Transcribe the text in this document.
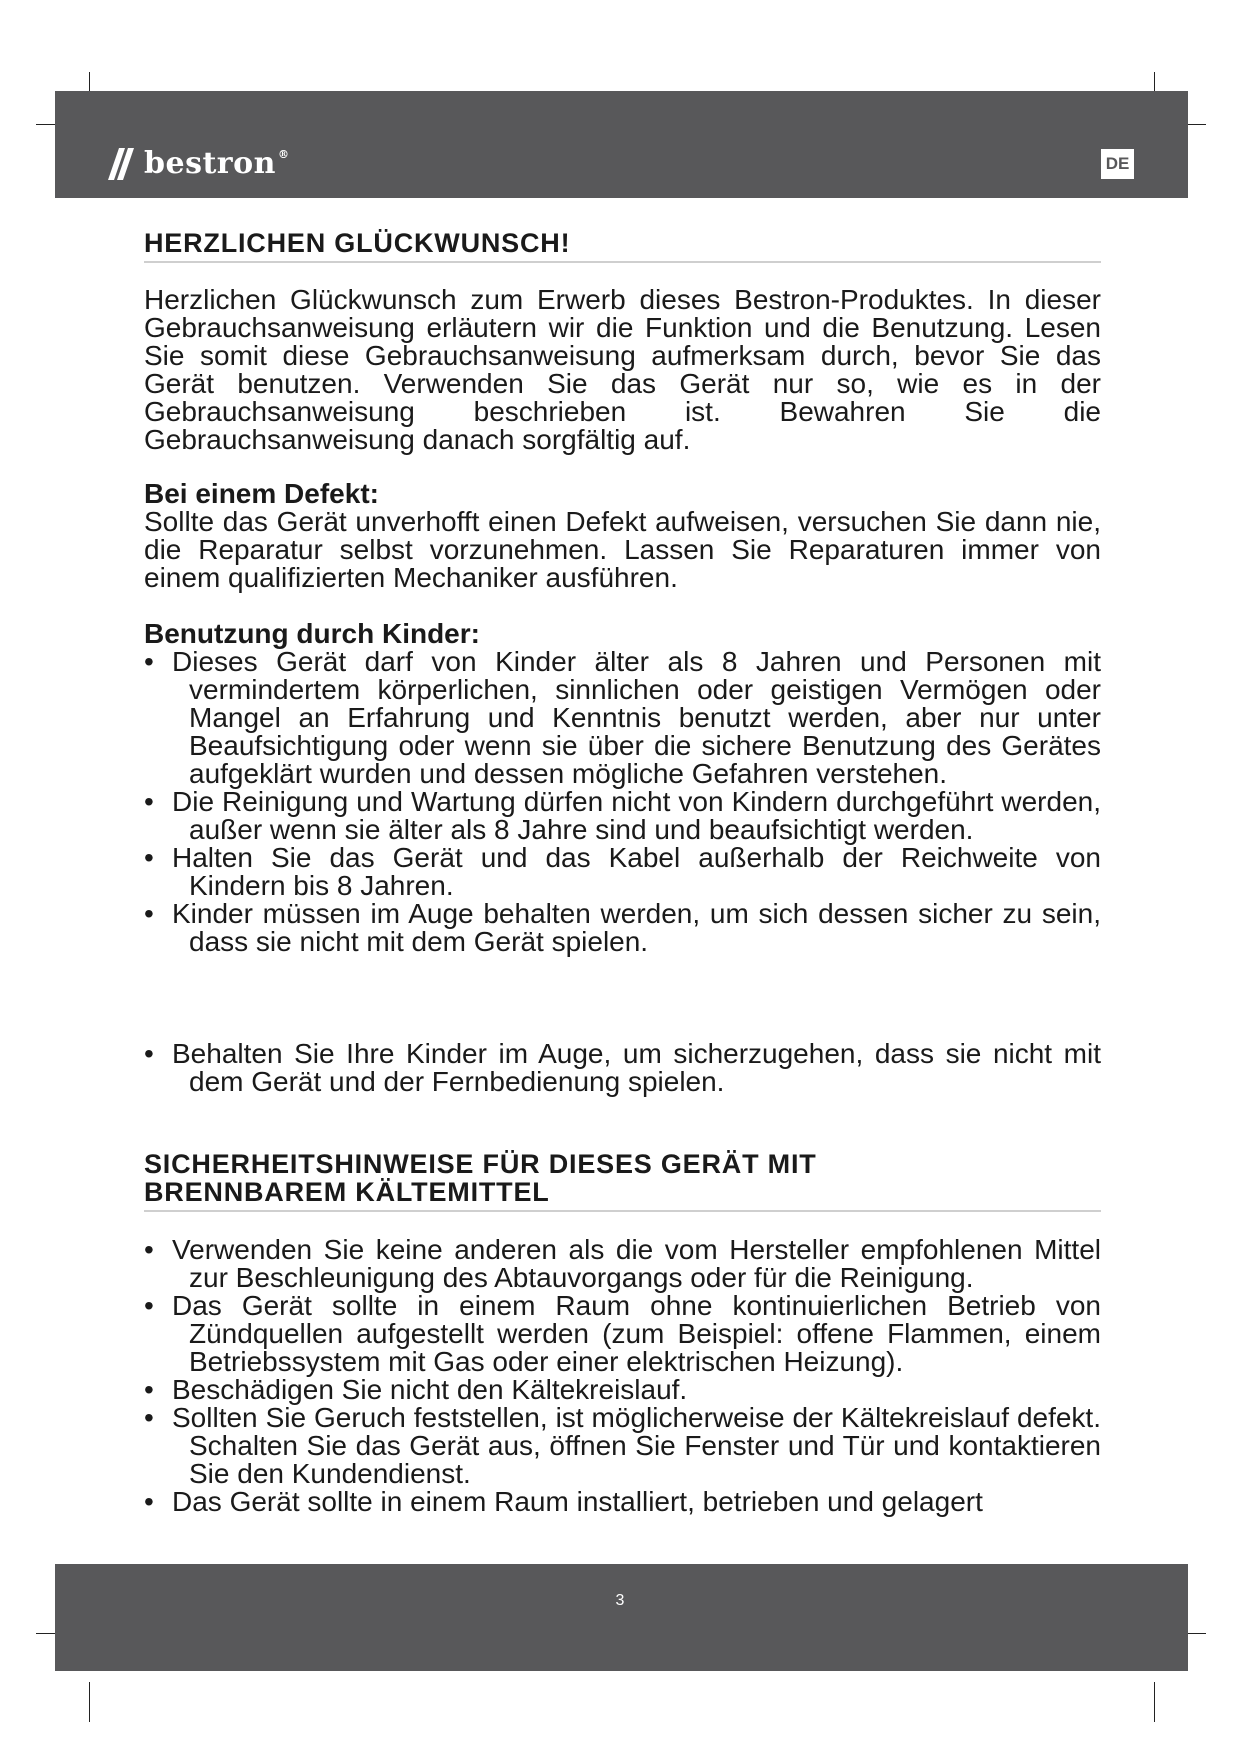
bestron ®	DE
HERZLICHEN GLÜCKWUNSCH!
Herzlichen Glückwunsch zum Erwerb dieses Bestron-Produktes. In dieser Gebrauchsanweisung erläutern wir die Funktion und die Benutzung. Lesen Sie somit diese Gebrauchsanweisung aufmerksam durch, bevor Sie das Gerät benutzen. Verwenden Sie das Gerät nur so, wie es in der Gebrauchsanweisung beschrieben ist. Bewahren Sie die Gebrauchsanweisung danach sorgfältig auf.
Bei einem Defekt:
Sollte das Gerät unverhofft einen Defekt aufweisen, versuchen Sie dann nie, die Reparatur selbst vorzunehmen. Lassen Sie Reparaturen immer von einem qualifizierten Mechaniker ausführen.
Benutzung durch Kinder:
•Dieses Gerät darf von Kinder älter als 8 Jahren und Personen mit vermindertem körperlichen, sinnlichen oder geistigen Vermögen oder Mangel an Erfahrung und Kenntnis benutzt werden, aber nur unter Beaufsichtigung oder wenn sie über die sichere Benutzung des Gerätes aufgeklärt wurden und dessen mögliche Gefahren verstehen.
•Die Reinigung und Wartung dürfen nicht von Kindern durchgeführt werden, außer wenn sie älter als 8 Jahre sind und beaufsichtigt werden.
•Halten Sie das Gerät und das Kabel außerhalb der Reichweite von Kindern bis 8 Jahren.
•Kinder müssen im Auge behalten werden, um sich dessen sicher zu sein, dass sie nicht mit dem Gerät spielen.
•Behalten Sie Ihre Kinder im Auge, um sicherzugehen, dass sie nicht mit dem Gerät und der Fernbedienung spielen.
SICHERHEITSHINWEISE FÜR DIESES GERÄT MIT
BRENNBAREM KÄLTEMITTEL
•Verwenden Sie keine anderen als die vom Hersteller empfohlenen Mittel zur Beschleunigung des Abtauvorgangs oder für die Reinigung.
•Das Gerät sollte in einem Raum ohne kontinuierlichen Betrieb von Zündquellen aufgestellt werden (zum Beispiel: offene Flammen, einem Betriebssystem mit Gas oder einer elektrischen Heizung).
•Beschädigen Sie nicht den Kältekreislauf.
•Sollten Sie Geruch feststellen, ist möglicherweise der Kältekreislauf defekt. Schalten Sie das Gerät aus, öffnen Sie Fenster und Tür und kontaktieren Sie den Kundendienst.
•Das Gerät sollte in einem Raum installiert, betrieben und gelagert
3
